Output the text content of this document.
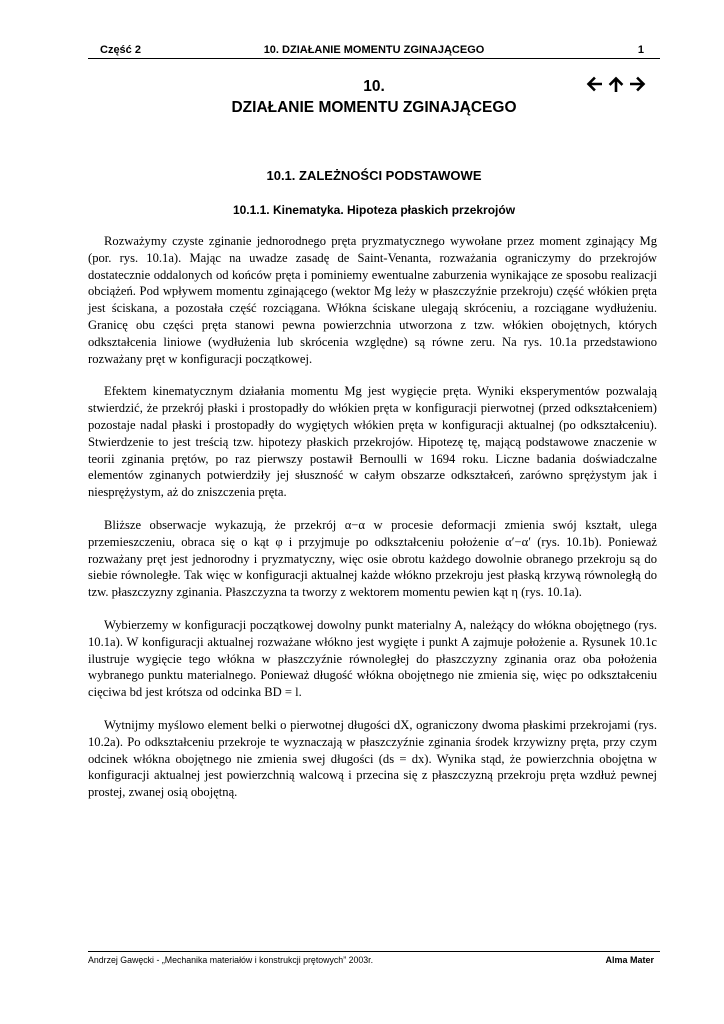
Część 2	10. DZIAŁANIE MOMENTU ZGINAJĄCEGO	1
10.
DZIAŁANIE MOMENTU ZGINAJĄCEGO
10.1. ZALEŻNOŚCI PODSTAWOWE
10.1.1. Kinematyka. Hipoteza płaskich przekrojów

Rozważymy czyste zginanie jednorodnego pręta pryzmatycznego wywołane przez moment zginający Mg (por. rys. 10.1a). Mając na uwadze zasadę de Saint-Venanta, rozważania ograniczymy do przekrojów dostatecznie oddalonych od końców pręta i pominiemy ewentualne zaburzenia wynikające ze sposobu realizacji obciążeń. Pod wpływem momentu zginającego (wektor Mg leży w płaszczyźnie przekroju) część włókien pręta jest ściskana, a pozostała część rozciągana. Włókna ściskane ulegają skróceniu, a rozciągane wydłużeniu. Granicę obu części pręta stanowi pewna powierzchnia utworzona z tzw. włókien obojętnych, których odkształcenia liniowe (wydłużenia lub skrócenia względne) są równe zeru. Na rys. 10.1a przedstawiono rozważany pręt w konfiguracji początkowej.

Efektem kinematycznym działania momentu Mg jest wygięcie pręta. Wyniki eksperymentów pozwalają stwierdzić, że przekrój płaski i prostopadły do włókien pręta w konfiguracji pierwotnej (przed odkształceniem) pozostaje nadal płaski i prostopadły do wygiętych włókien pręta w konfiguracji aktualnej (po odkształceniu). Stwierdzenie to jest treścią tzw. hipotezy płaskich przekrojów. Hipotezę tę, mającą podstawowe znaczenie w teorii zginania prętów, po raz pierwszy postawił Bernoulli w 1694 roku. Liczne badania doświadczalne elementów zginanych potwierdziły jej słuszność w całym obszarze odkształceń, zarówno sprężystym jak i niesprężystym, aż do zniszczenia pręta.

Bliższe obserwacje wykazują, że przekrój α−α w procesie deformacji zmienia swój kształt, ulega przemieszczeniu, obraca się o kąt φ i przyjmuje po odkształceniu położenie α′−α′ (rys. 10.1b). Ponieważ rozważany pręt jest jednorodny i pryzmatyczny, więc osie obrotu każdego dowolnie obranego przekroju są do siebie równoległe. Tak więc w konfiguracji aktualnej każde włókno przekroju jest płaską krzywą równoległą do tzw. płaszczyzny zginania. Płaszczyzna ta tworzy z wektorem momentu pewien kąt η (rys. 10.1a).

Wybierzemy w konfiguracji początkowej dowolny punkt materialny A, należący do włókna obojętnego (rys. 10.1a). W konfiguracji aktualnej rozważane włókno jest wygięte i punkt A zajmuje położenie a. Rysunek 10.1c ilustruje wygięcie tego włókna w płaszczyźnie równoległej do płaszczyzny zginania oraz oba położenia wybranego punktu materialnego. Ponieważ długość włókna obojętnego nie zmienia się, więc po odkształceniu cięciwa bd jest krótsza od odcinka BD = l.

Wytnijmy myślowo element belki o pierwotnej długości dX, ograniczony dwoma płaskimi przekrojami (rys. 10.2a). Po odkształceniu przekroje te wyznaczają w płaszczyźnie zginania środek krzywizny pręta, przy czym odcinek włókna obojętnego nie zmienia swej długości (ds = dx). Wynika stąd, że powierzchnia obojętna w konfiguracji aktualnej jest powierzchnią walcową i przecina się z płaszczyzną przekroju pręta wzdłuż pewnej prostej, zwanej osią obojętną.

Andrzej Gawęcki - „Mechanika materiałów i konstrukcji prętowych” 2003r.	Alma Mater
